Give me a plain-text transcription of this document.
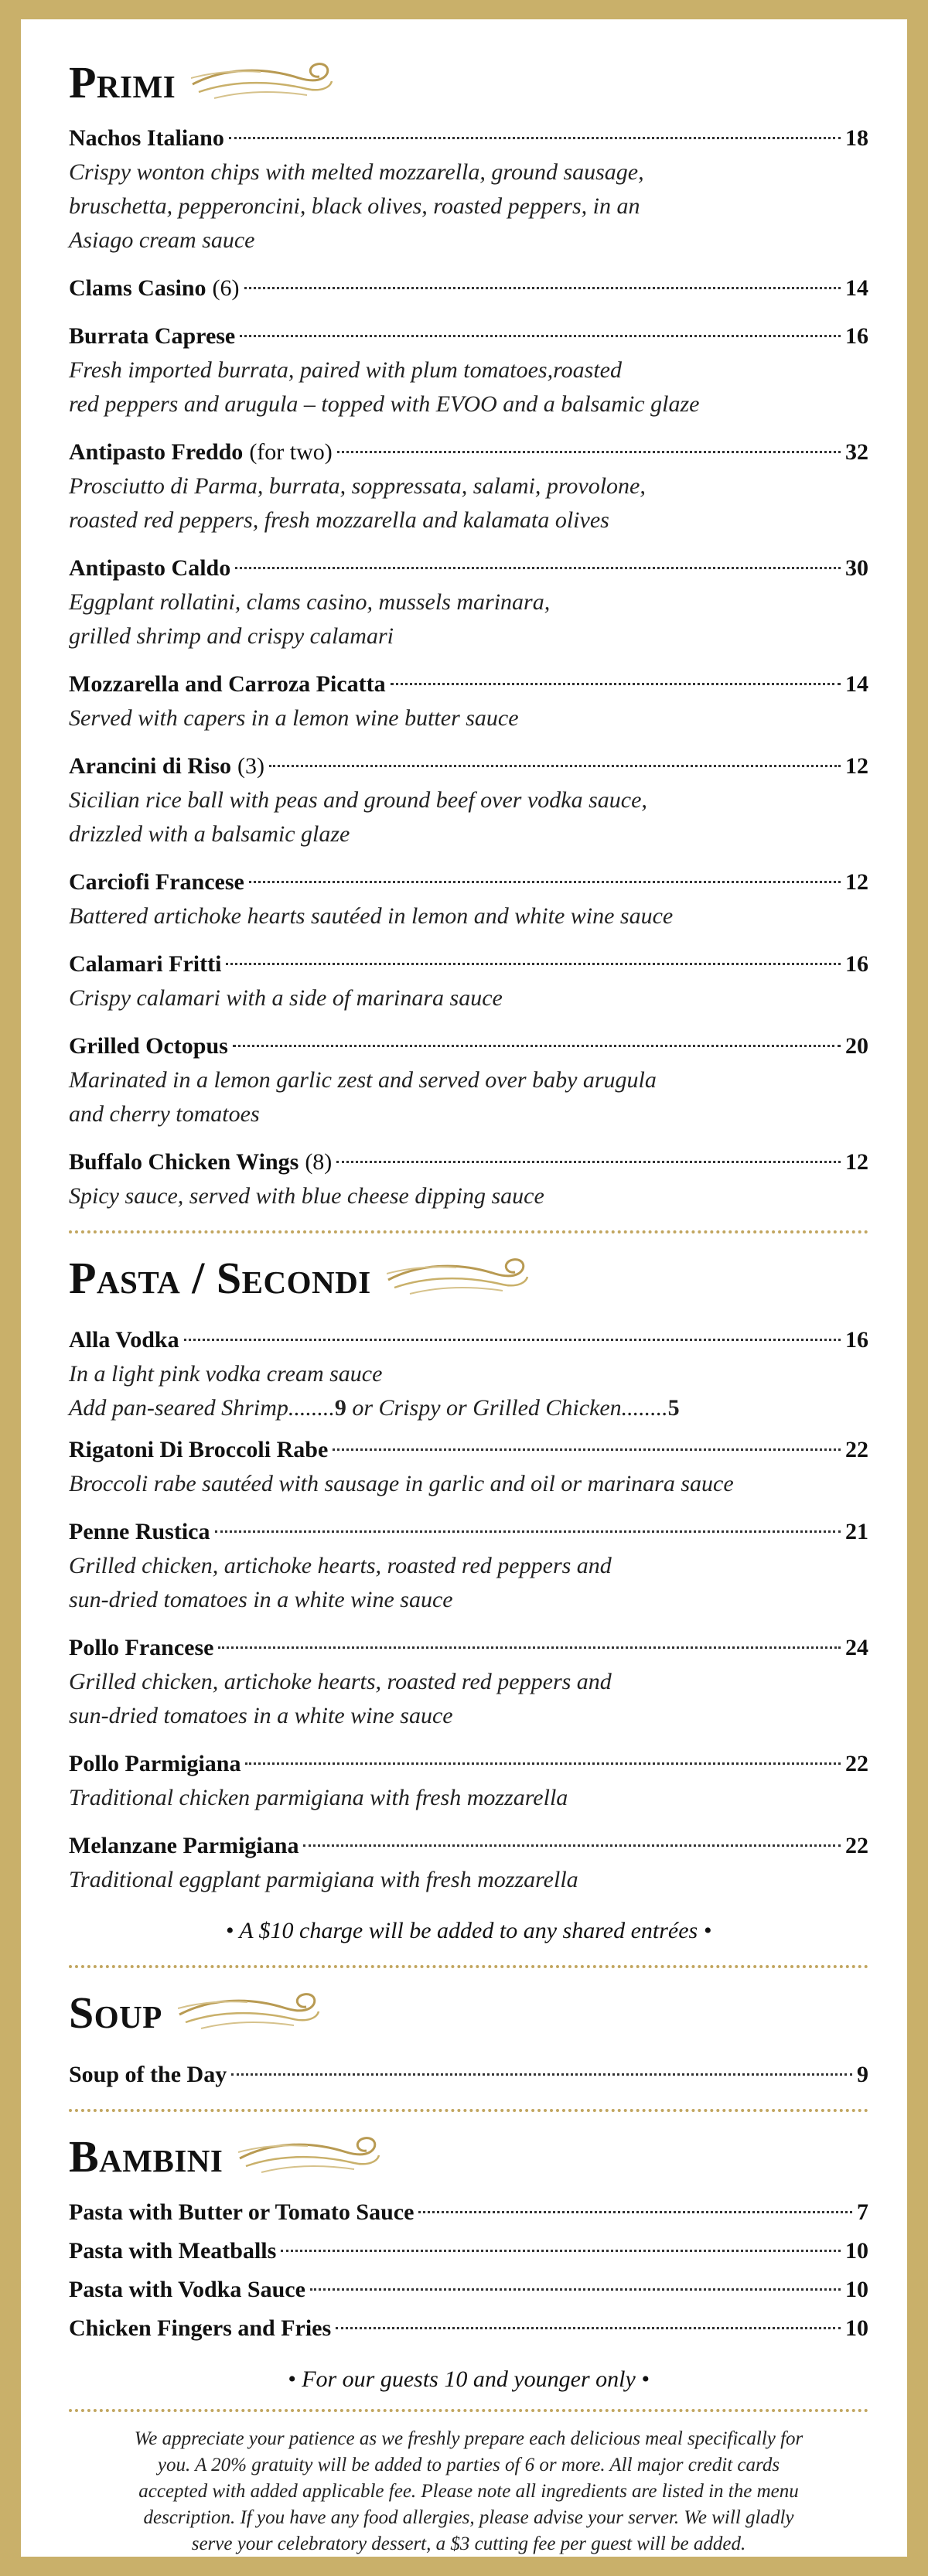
Primi
Nachos Italiano	18
Crispy wonton chips with melted mozzarella, ground sausage,
bruschetta, pepperoncini, black olives, roasted peppers, in an
Asiago cream sauce
Clams Casino (6)	14
Burrata Caprese	16
Fresh imported burrata, paired with plum tomatoes,roasted
red peppers and arugula – topped with EVOO and a balsamic glaze
Antipasto Freddo (for two)	32
Prosciutto di Parma, burrata, soppressata, salami, provolone,
roasted red peppers, fresh mozzarella and kalamata olives
Antipasto Caldo	30
Eggplant rollatini, clams casino, mussels marinara,
grilled shrimp and crispy calamari
Mozzarella and Carroza Picatta	14
Served with capers in a lemon wine butter sauce
Arancini di Riso (3)	12
Sicilian rice ball with peas and ground beef over vodka sauce,
drizzled with a balsamic glaze
Carciofi Francese	12
Battered artichoke hearts sautéed in lemon and white wine sauce
Calamari Fritti	16
Crispy calamari with a side of marinara sauce
Grilled Octopus	20
Marinated in a lemon garlic zest and served over baby arugula
and cherry tomatoes
Buffalo Chicken Wings (8)	12
Spicy sauce, served with blue cheese dipping sauce
Pasta / Secondi
Alla Vodka	16
In a light pink vodka cream sauce
Add pan-seared Shrimp........9 or Crispy or Grilled Chicken........5
Rigatoni Di Broccoli Rabe	22
Broccoli rabe sautéed with sausage in garlic and oil or marinara sauce
Penne Rustica	21
Grilled chicken, artichoke hearts, roasted red peppers and
sun-dried tomatoes in a white wine sauce
Pollo Francese	24
Grilled chicken, artichoke hearts, roasted red peppers and
sun-dried tomatoes in a white wine sauce
Pollo Parmigiana	22
Traditional chicken parmigiana with fresh mozzarella
Melanzane Parmigiana	22
Traditional eggplant parmigiana with fresh mozzarella
• A $10 charge will be added to any shared entrées •
Soup
Soup of the Day	9
Bambini
Pasta with Butter or Tomato Sauce	7
Pasta with Meatballs	10
Pasta with Vodka Sauce	10
Chicken Fingers and Fries	10
• For our guests 10 and younger only •
We appreciate your patience as we freshly prepare each delicious meal specifically for
you. A 20% gratuity will be added to parties of 6 or more. All major credit cards
accepted with added applicable fee. Please note all ingredients are listed in the menu
description. If you have any food allergies, please advise your server. We will gladly
serve your celebratory dessert, a $3 cutting fee per guest will be added.
